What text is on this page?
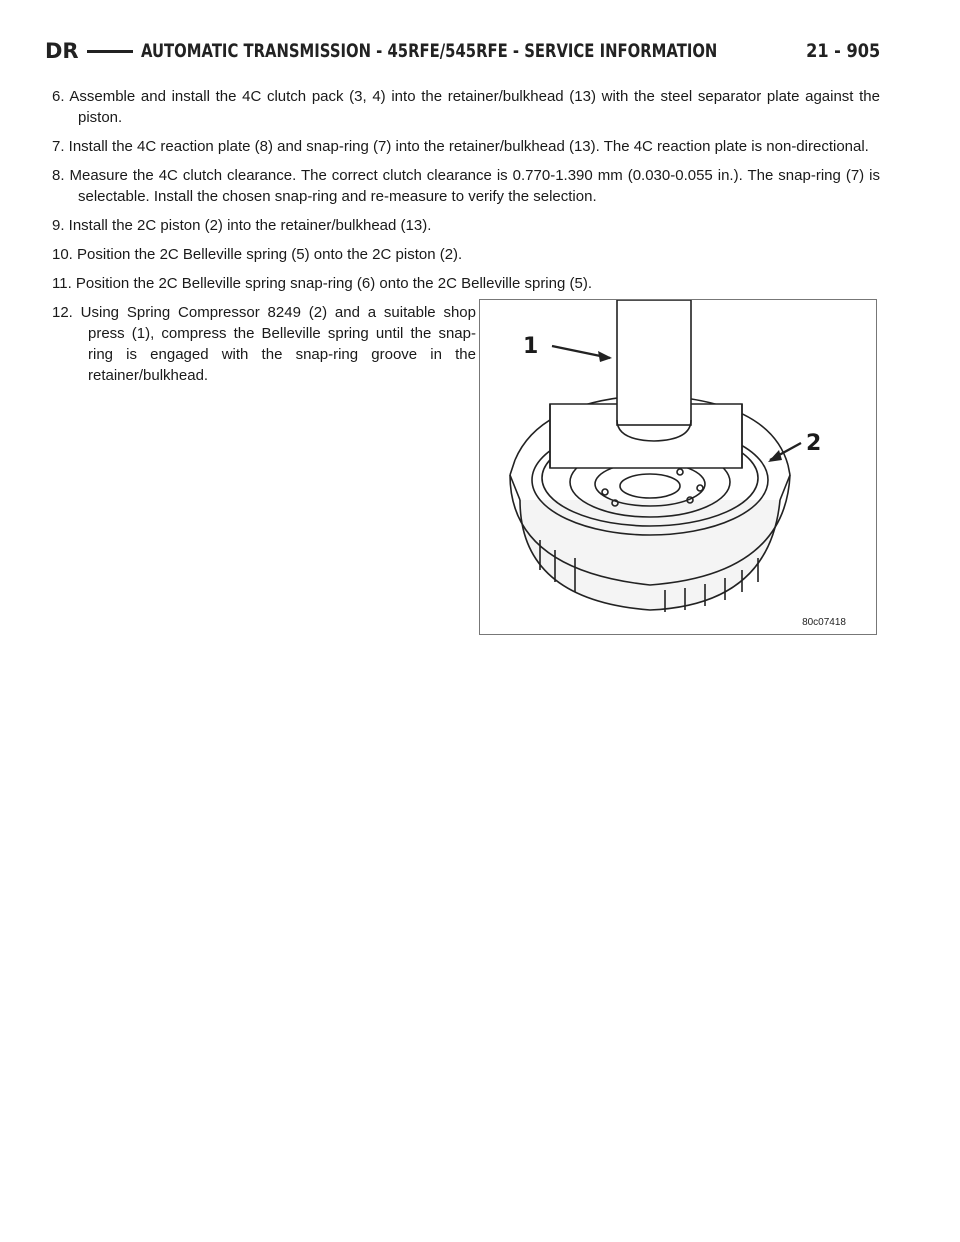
DR	AUTOMATIC TRANSMISSION - 45RFE/545RFE - SERVICE INFORMATION	21 - 905

6. Assemble and install the 4C clutch pack (3, 4) into the retainer/bulkhead (13) with the steel separator plate against the piston.

7. Install the 4C reaction plate (8) and snap-ring (7) into the retainer/bulkhead (13). The 4C reaction plate is non-directional.

8. Measure the 4C clutch clearance. The correct clutch clearance is 0.770-1.390 mm (0.030-0.055 in.). The snap-ring (7) is selectable. Install the chosen snap-ring and re-measure to verify the selection.

9. Install the 2C piston (2) into the retainer/bulkhead (13).

10. Position the 2C Belleville spring (5) onto the 2C piston (2).

11. Position the 2C Belleville spring snap-ring (6) onto the 2C Belleville spring (5).

12. Using Spring Compressor 8249 (2) and a suitable shop press (1), compress the Belleville spring until the snap-ring is engaged with the snap-ring groove in the retainer/bulkhead.

1
2
80c07418
